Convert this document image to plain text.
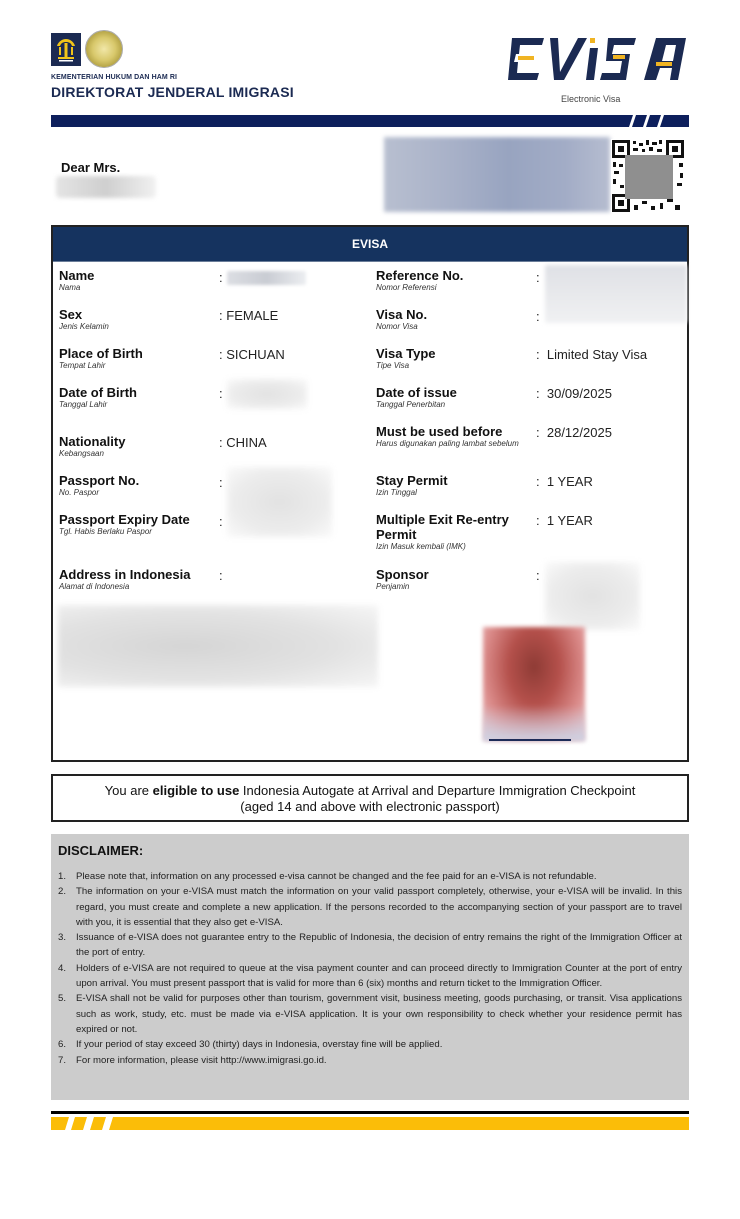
KEMENTERIAN HUKUM DAN HAM RI
DIREKTORAT JENDERAL IMIGRASI	Electronic Visa
Dear Mrs.
EVISA
Name
Nama
:
Sex
Jenis Kelamin
: FEMALE
Place of Birth
Tempat Lahir
: SICHUAN
Date of Birth
Tanggal Lahir
:
Nationality
Kebangsaan
: CHINA
Passport No.
No. Paspor
:
Passport Expiry Date
Tgl. Habis Berlaku Paspor
:
Address in Indonesia
Alamat di Indonesia
:
Reference No.
Nomor Referensi
:
Visa No.
Nomor Visa
:
Visa Type
Tipe Visa
: Limited Stay Visa
Date of issue
Tanggal Penerbitan
: 30/09/2025
Must be used before
Harus digunakan paling lambat sebelum
: 28/12/2025
Stay Permit
Izin Tinggal
: 1 YEAR
Multiple Exit Re-entry Permit
Izin Masuk kembali (IMK)
: 1 YEAR
Sponsor
Penjamin
:
You are eligible to use Indonesia Autogate at Arrival and Departure Immigration Checkpoint
(aged 14 and above with electronic passport)
DISCLAIMER:
1. Please note that, information on any processed e-visa cannot be changed and the fee paid for an e-VISA is not refundable.
2. The information on your e-VISA must match the information on your valid passport completely, otherwise, your e-VISA will be invalid. In this regard, you must create and complete a new application. If the persons recorded to the accompanying section of your passport are to travel with you, it is essential that they also get e-VISA.
3. Issuance of e-VISA does not guarantee entry to the Republic of Indonesia, the decision of entry remains the right of the Immigration Officer at the port of entry.
4. Holders of e-VISA are not required to queue at the visa payment counter and can proceed directly to Immigration Counter at the port of entry upon arrival. You must present passport that is valid for more than 6 (six) months and return ticket to the Immigration Officer.
5. E-VISA shall not be valid for purposes other than tourism, government visit, business meeting, goods purchasing, or transit. Visa applications such as work, study, etc. must be made via e-VISA application. It is your own responsibility to check whether your residence permit has expired or not.
6. If your period of stay exceed 30 (thirty) days in Indonesia, overstay fine will be applied.
7. For more information, please visit http://www.imigrasi.go.id.
